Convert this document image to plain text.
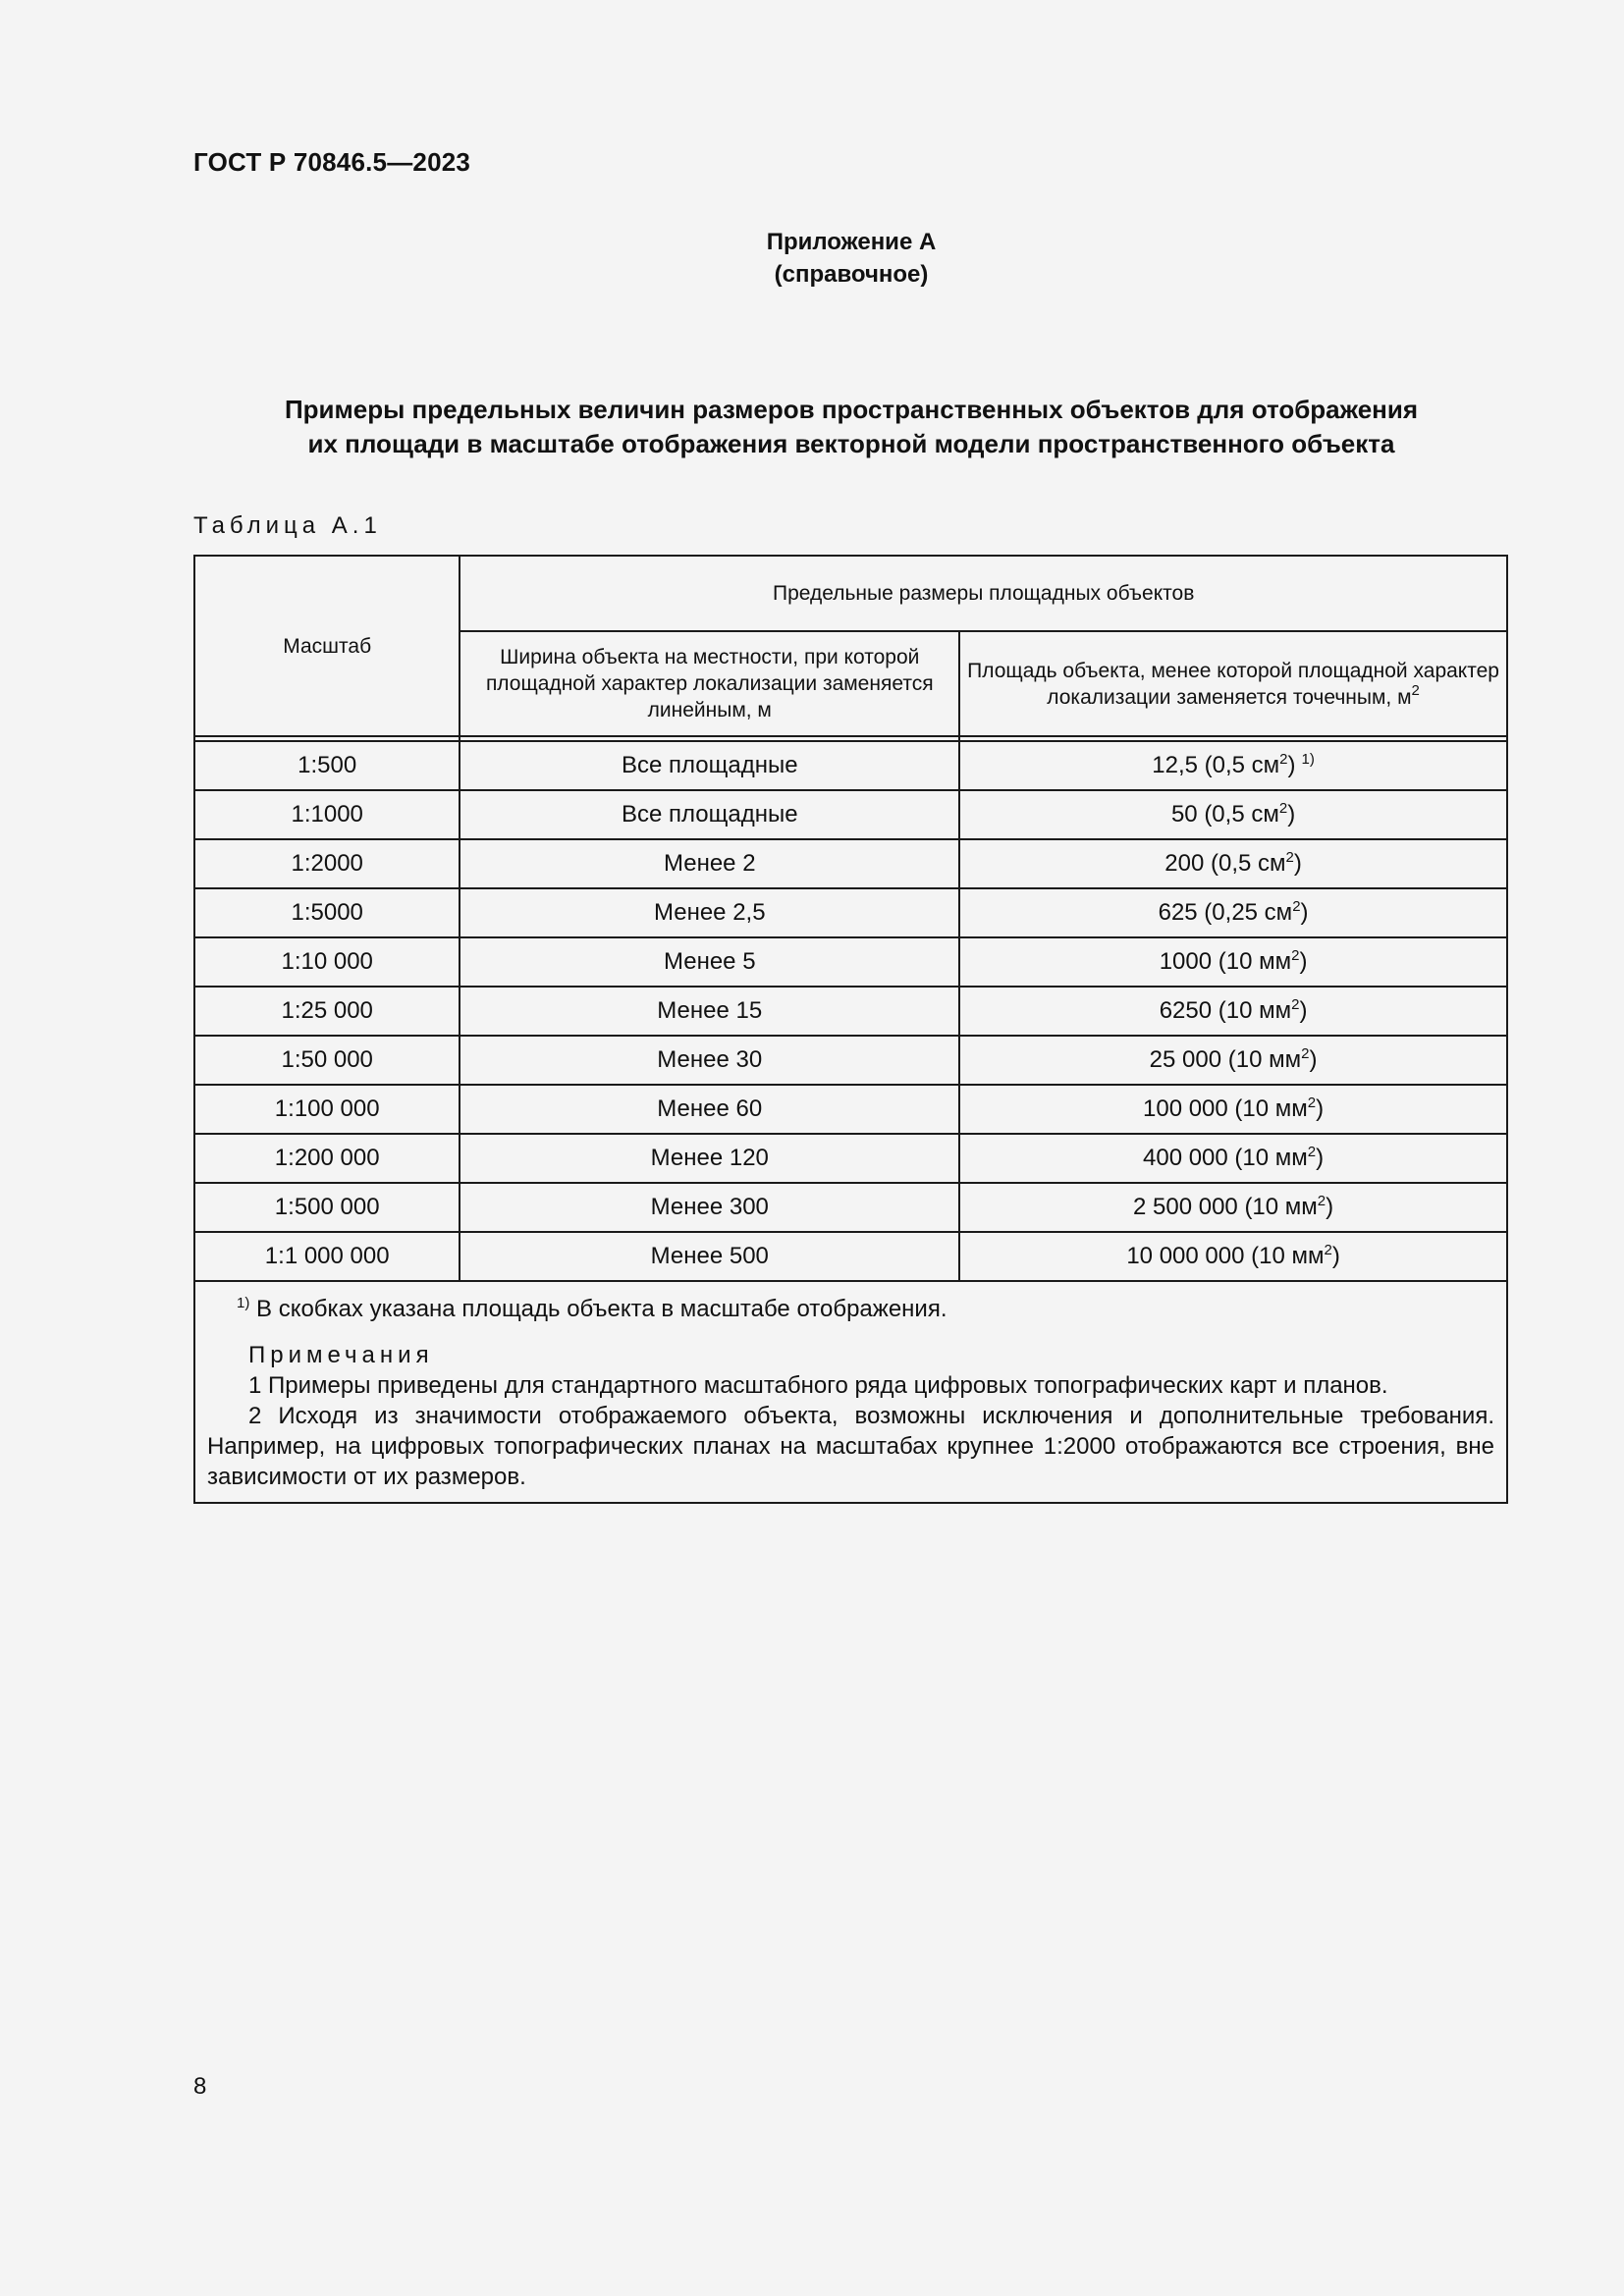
ГОСТ Р 70846.5—2023
Приложение А
(справочное)
Примеры предельных величин размеров пространственных объектов для отображения
их площади в масштабе отображения векторной модели пространственного объекта
Таблица А.1
Масштаб	Предельные размеры площадных объектов	
	Ширина объекта на местности, при которой площадной характер локализации заменяется линейным, м	Площадь объекта, менее которой площадной характер локализации заменяется точечным, $м^2$

1:500	Все площадные	12,5 (0,5 $см^2$) $^{1)}$
1:1000	Все площадные	50 (0,5 $см^2$)
1:2000	Менее 2	200 (0,5 $см^2$)
1:5000	Менее 2,5	625 (0,25 $см^2$)
1:10 000	Менее 5	1000 (10 $мм^2$)
1:25 000	Менее 15	6250 (10 $мм^2$)
1:50 000	Менее 30	25 000 (10 $мм^2$)
1:100 000	Менее 60	100 000 (10 $мм^2$)
1:200 000	Менее 120	400 000 (10 $мм^2$)
1:500 000	Менее 300	2 500 000 (10 $мм^2$)
1:1 000 000	Менее 500	10 000 000 (10 $мм^2$)

$^{1)}$ В скобках указана площадь объекта в масштабе отображения.

Примечания

1 Примеры приведены для стандартного масштабного ряда цифровых топографических карт и планов.

2 Исходя из значимости отображаемого объекта, возможны исключения и дополнительные требования. Например, на цифровых топографических планах на масштабах крупнее 1:2000 отображаются все строения, вне зависимости от их размеров.		

8
